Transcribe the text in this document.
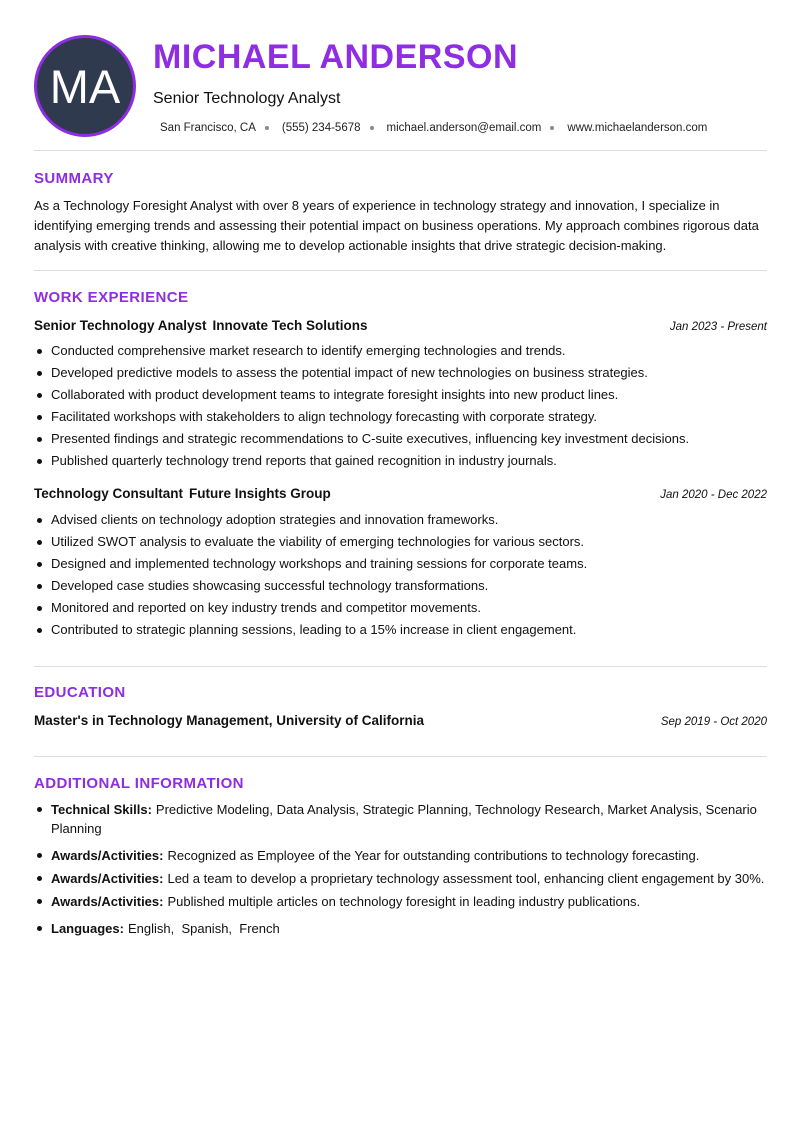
MA
MICHAEL ANDERSON
Senior Technology Analyst
San Francisco, CA (555) 234-5678 michael.anderson@email.com www.michaelanderson.com
SUMMARY

As a Technology Foresight Analyst with over 8 years of experience in technology strategy and innovation, I specialize in identifying emerging trends and assessing their potential impact on business operations. My approach combines rigorous data analysis with creative thinking, allowing me to develop actionable insights that drive strategic decision-making.

WORK EXPERIENCE
Senior Technology Analyst Innovate Tech Solutions	Jan 2023 - Present
Conducted comprehensive market research to identify emerging technologies and trends.
Developed predictive models to assess the potential impact of new technologies on business strategies.
Collaborated with product development teams to integrate foresight insights into new product lines.
Facilitated workshops with stakeholders to align technology forecasting with corporate strategy.
Presented findings and strategic recommendations to C-suite executives, influencing key investment decisions.
Published quarterly technology trend reports that gained recognition in industry journals.
Technology Consultant Future Insights Group	Jan 2020 - Dec 2022
Advised clients on technology adoption strategies and innovation frameworks.
Utilized SWOT analysis to evaluate the viability of emerging technologies for various sectors.
Designed and implemented technology workshops and training sessions for corporate teams.
Developed case studies showcasing successful technology transformations.
Monitored and reported on key industry trends and competitor movements.
Contributed to strategic planning sessions, leading to a 15% increase in client engagement.
EDUCATION
Master's in Technology Management, University of California	Sep 2019 - Oct 2020
ADDITIONAL INFORMATION
Technical Skills: Predictive Modeling, Data Analysis, Strategic Planning, Technology Research, Market Analysis, Scenario Planning
Awards/Activities: Recognized as Employee of the Year for outstanding contributions to technology forecasting.
Awards/Activities: Led a team to develop a proprietary technology assessment tool, enhancing client engagement by 30%.
Awards/Activities: Published multiple articles on technology foresight in leading industry publications.
Languages: English,  Spanish,  French
